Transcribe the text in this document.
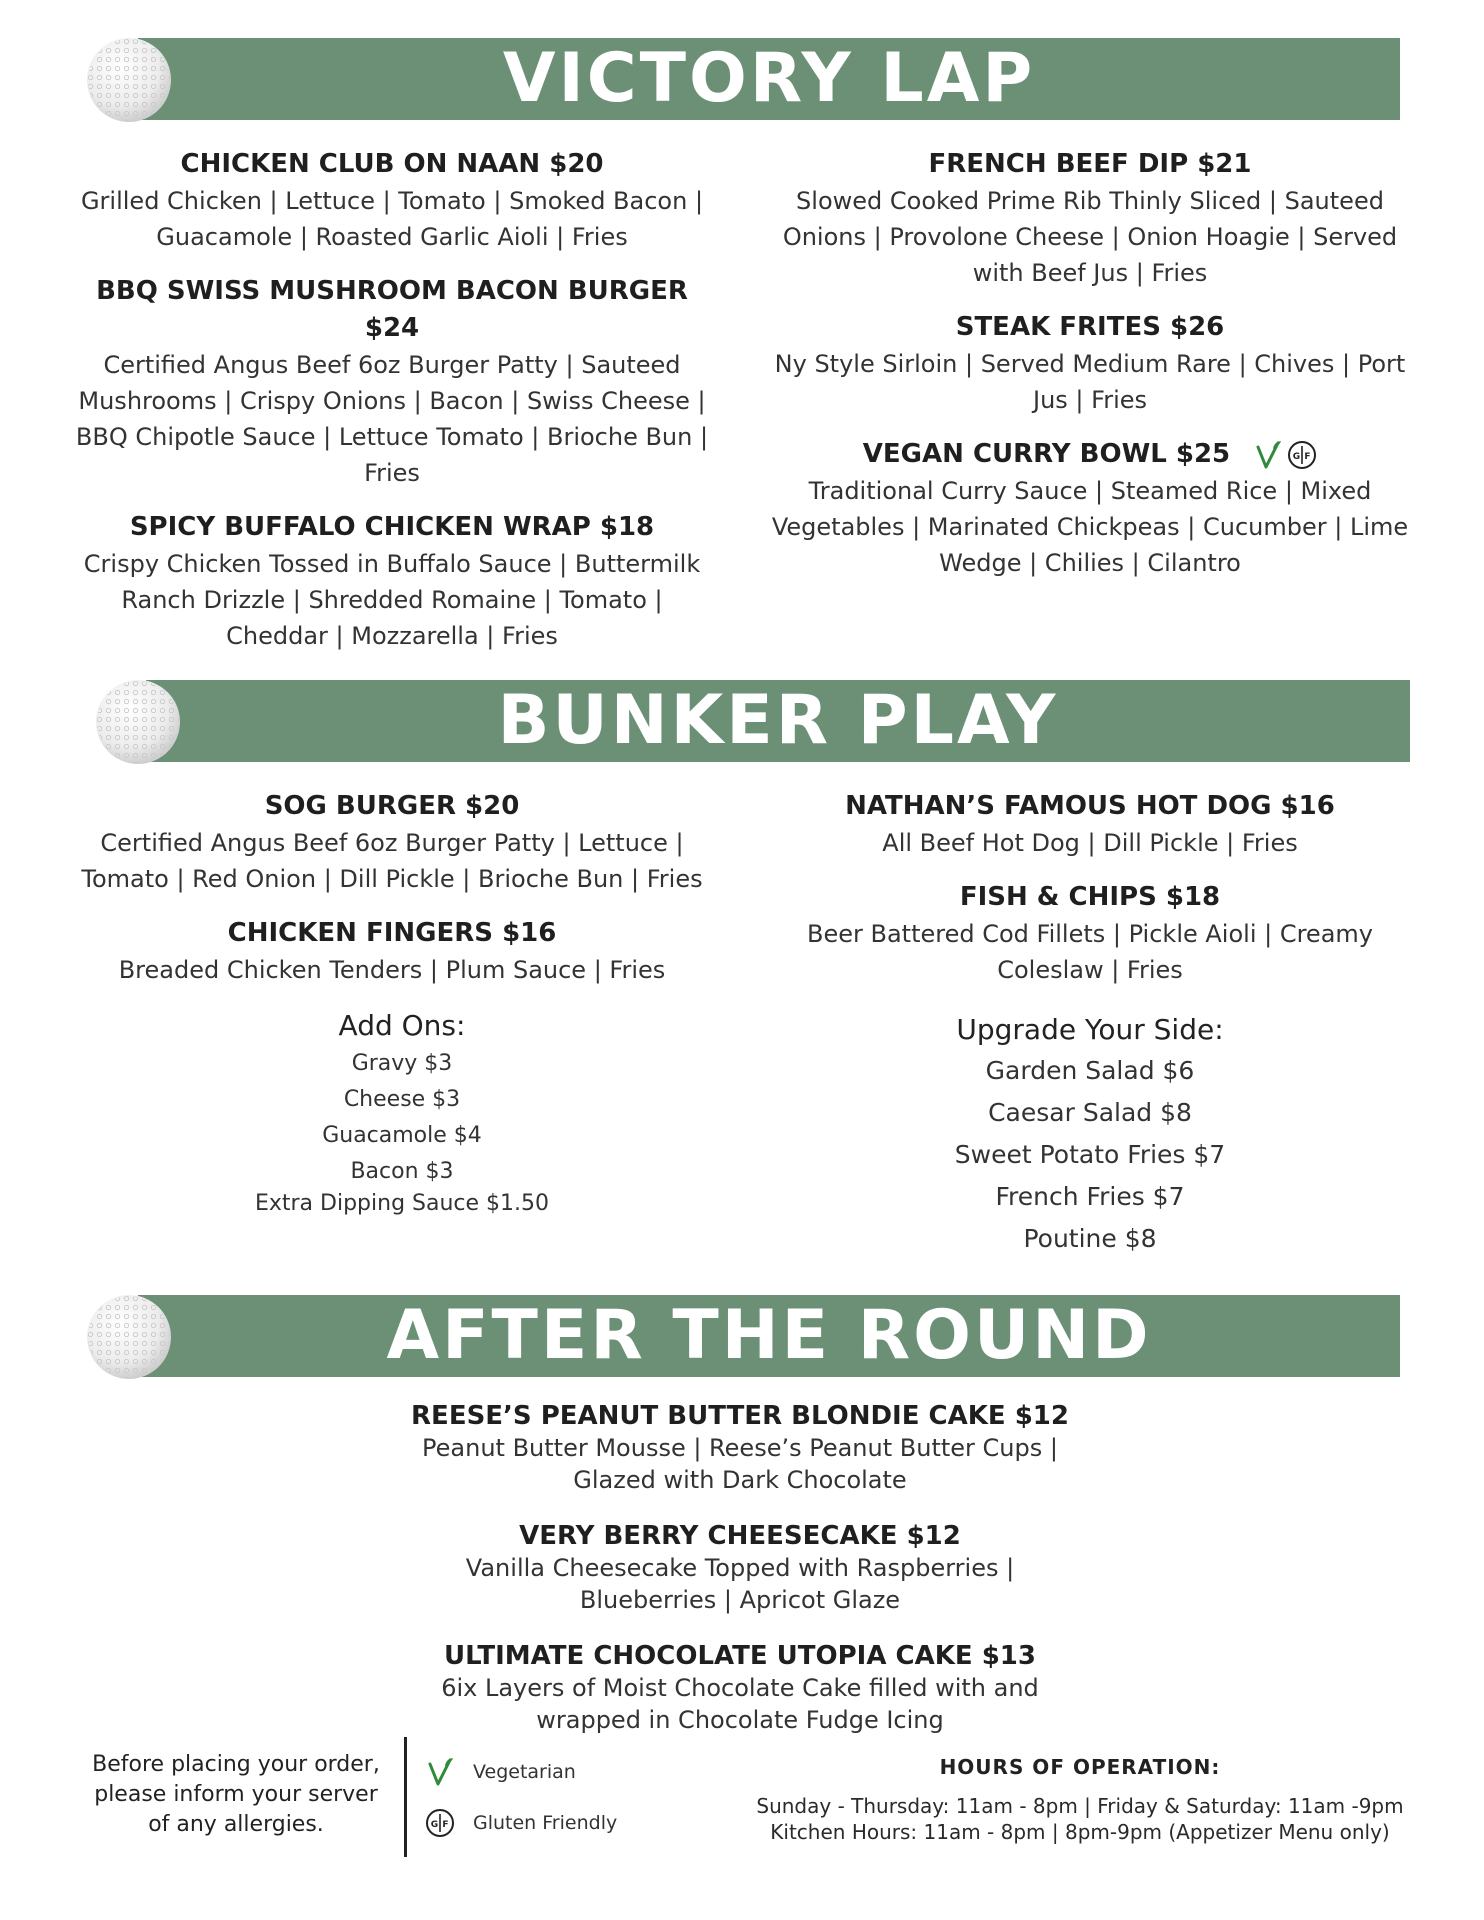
VICTORY LAP
CHICKEN CLUB ON NAAN $20
Grilled Chicken | Lettuce | Tomato | Smoked Bacon | Guacamole | Roasted Garlic Aioli | Fries
BBQ SWISS MUSHROOM BACON BURGER $24
Certified Angus Beef 6oz Burger Patty | Sauteed Mushrooms | Crispy Onions | Bacon | Swiss Cheese | BBQ Chipotle Sauce | Lettuce Tomato | Brioche Bun | Fries
SPICY BUFFALO CHICKEN WRAP $18
Crispy Chicken Tossed in Buffalo Sauce | Buttermilk Ranch Drizzle | Shredded Romaine | Tomato | Cheddar | Mozzarella | Fries
FRENCH BEEF DIP $21
Slowed Cooked Prime Rib Thinly Sliced | Sauteed Onions | Provolone Cheese | Onion Hoagie | Served with Beef Jus | Fries
STEAK FRITES $26
Ny Style Sirloin | Served Medium Rare | Chives | Port Jus | Fries
VEGAN CURRY BOWL $25	G F
Traditional Curry Sauce | Steamed Rice | Mixed Vegetables | Marinated Chickpeas | Cucumber | Lime Wedge | Chilies | Cilantro
BUNKER PLAY
SOG BURGER $20
Certified Angus Beef 6oz Burger Patty | Lettuce | Tomato | Red Onion | Dill Pickle | Brioche Bun | Fries
CHICKEN FINGERS $16
Breaded Chicken Tenders | Plum Sauce | Fries
Add Ons:
Gravy $3
Cheese $3
Guacamole $4
Bacon $3
Extra Dipping Sauce $1.50
NATHAN’S FAMOUS HOT DOG $16
All Beef Hot Dog | Dill Pickle | Fries
FISH & CHIPS $18
Beer Battered Cod Fillets | Pickle Aioli | Creamy Coleslaw | Fries
Upgrade Your Side:
Garden Salad $6
Caesar Salad $8
Sweet Potato Fries $7
French Fries $7
Poutine $8
AFTER THE ROUND
REESE’S PEANUT BUTTER BLONDIE CAKE $12
Peanut Butter Mousse | Reese’s Peanut Butter Cups | Glazed with Dark Chocolate
VERY BERRY CHEESECAKE $12
Vanilla Cheesecake Topped with Raspberries | Blueberries | Apricot Glaze
ULTIMATE CHOCOLATE UTOPIA CAKE $13
6ix Layers of Moist Chocolate Cake filled with and wrapped in Chocolate Fudge Icing
Before placing your order, please inform your server of any allergies.
Vegetarian
G F Gluten Friendly
HOURS OF OPERATION:
Sunday - Thursday: 11am - 8pm | Friday & Saturday: 11am -9pm
Kitchen Hours: 11am - 8pm | 8pm-9pm (Appetizer Menu only)
